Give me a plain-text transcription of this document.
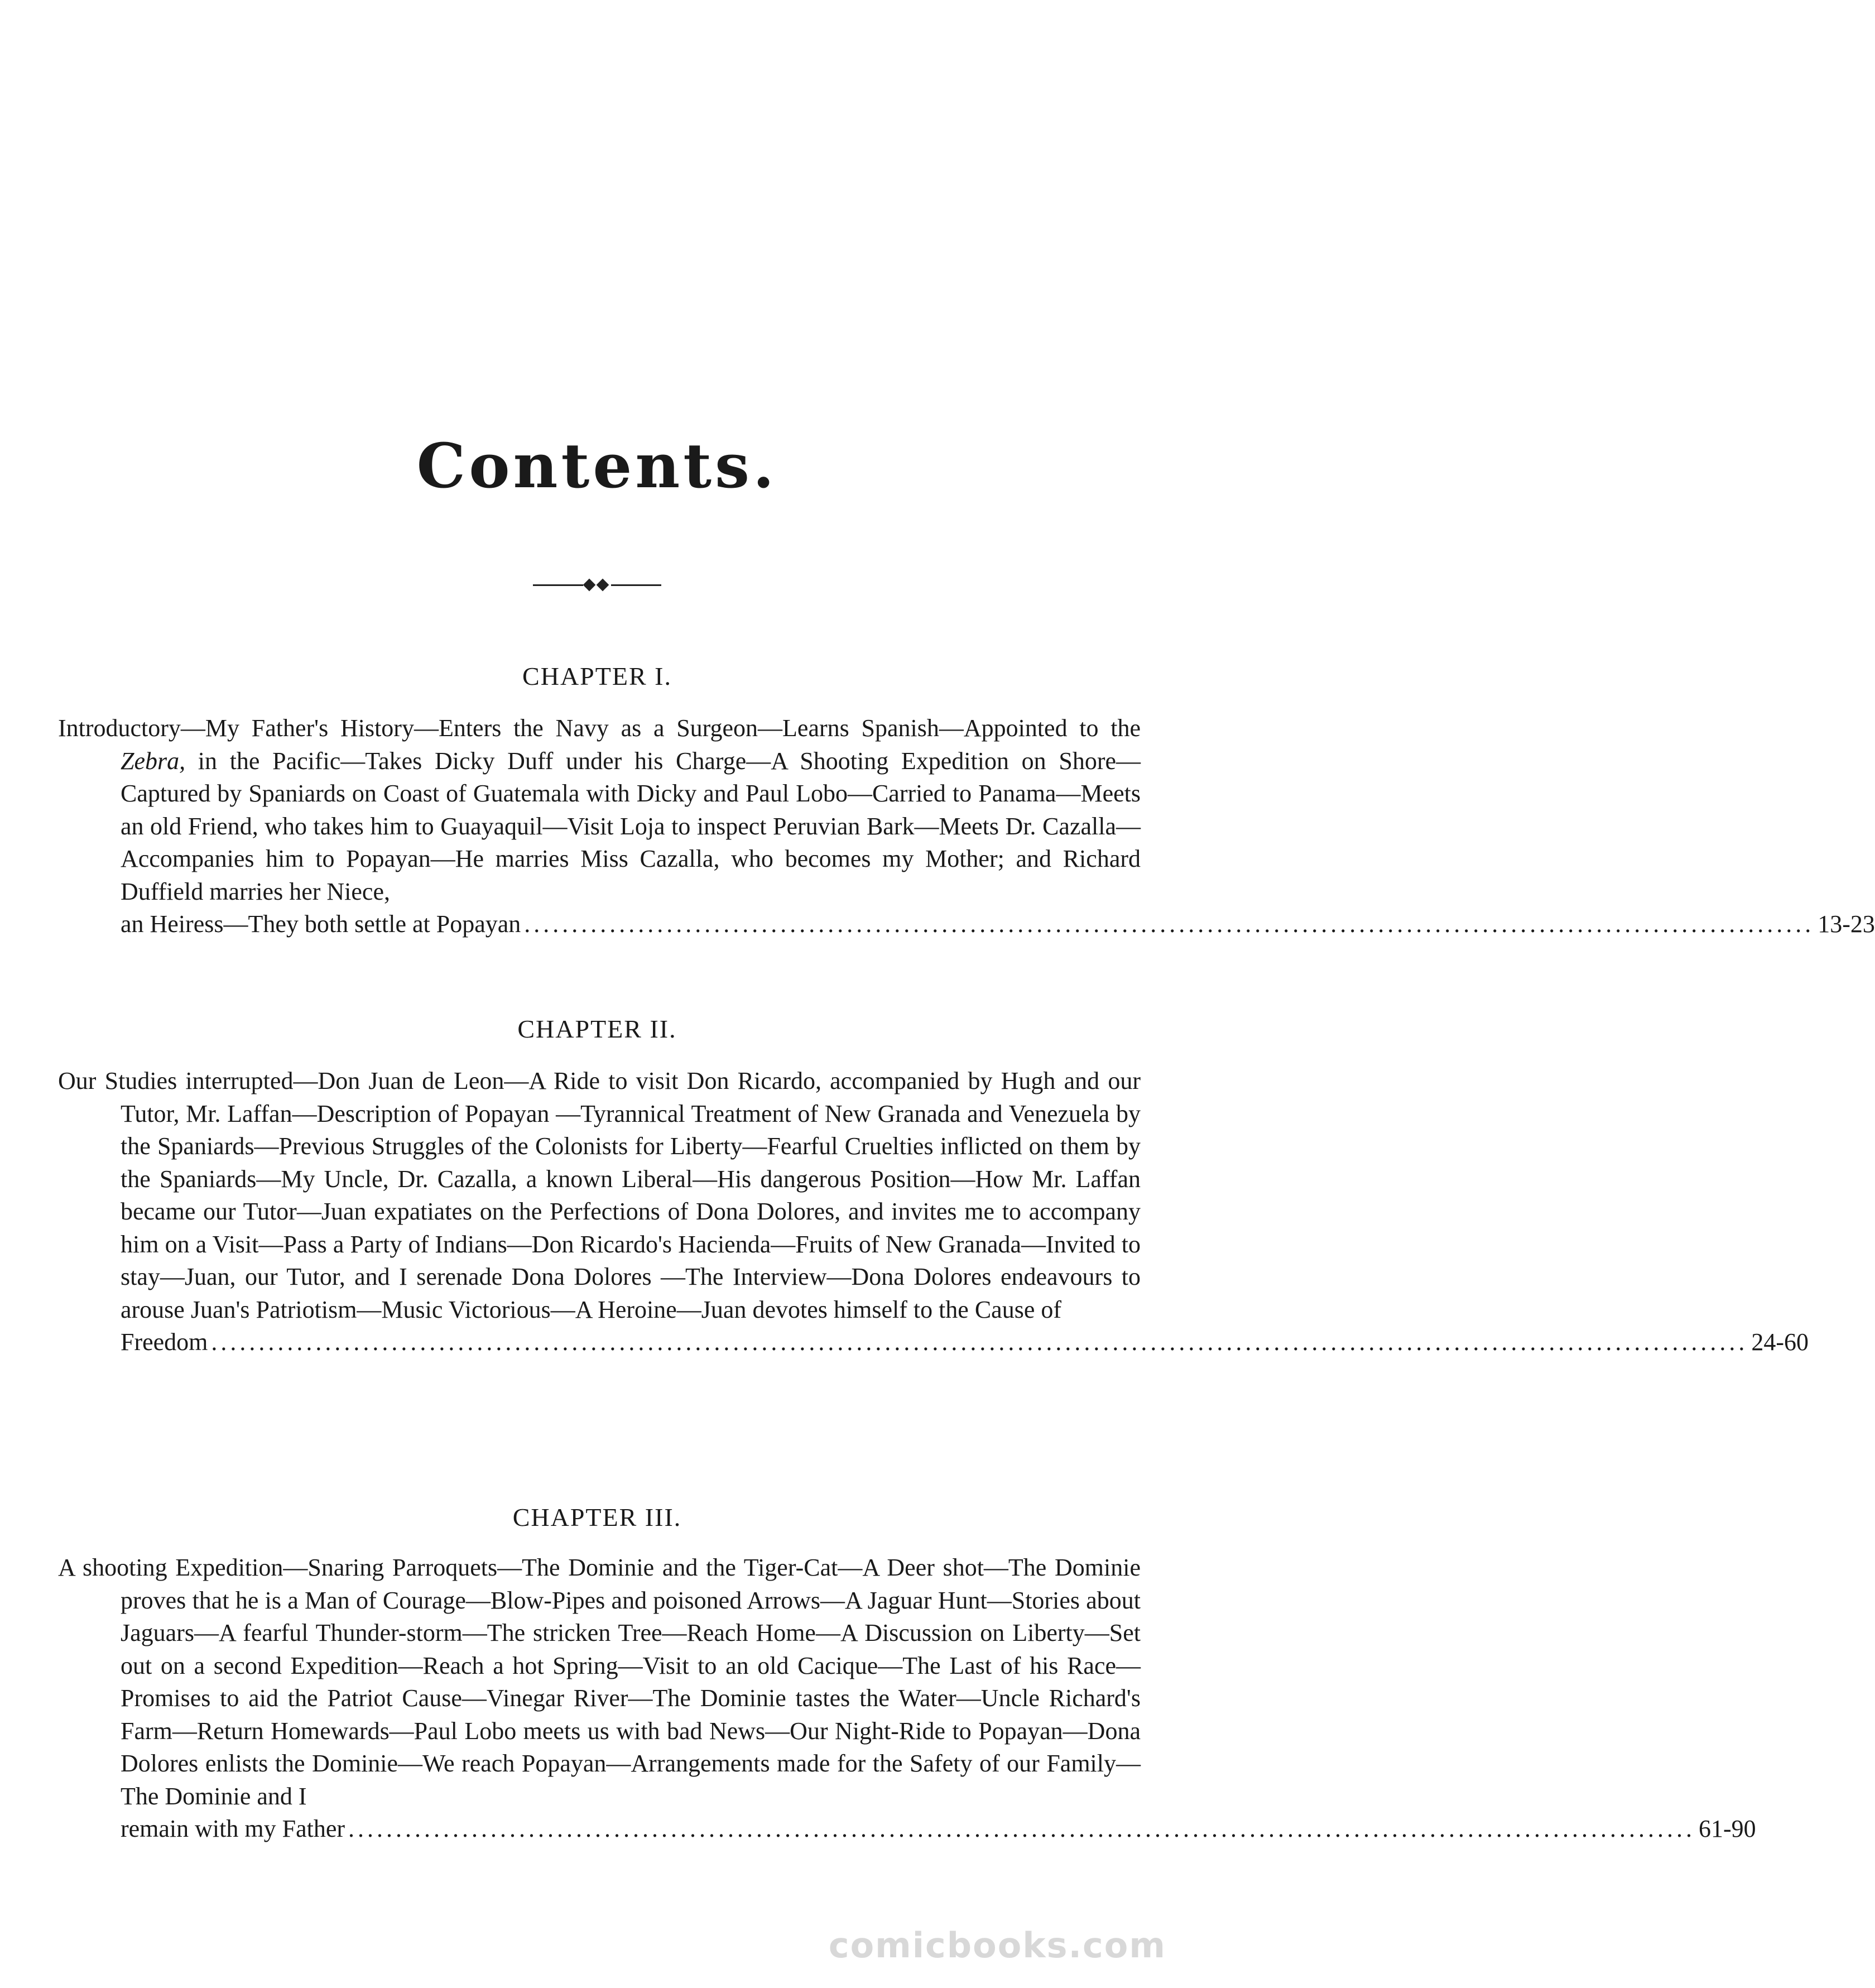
Contents.
CHAPTER I.
Introductory—My Father's History—Enters the Navy as a Surgeon—Learns Spanish—Appointed to the Zebra, in the Pacific—Takes Dicky Duff under his Charge—A Shooting Expedition on Shore—Captured by Spaniards on Coast of Guatemala with Dicky and Paul Lobo—Carried to Panama—Meets an old Friend, who takes him to Guayaquil—Visit Loja to inspect Peruvian Bark—Meets Dr. Cazalla—Accompanies him to Popayan—He marries Miss Cazalla, who becomes my Mother; and Richard Duffield marries her Niece,
an Heiress—They both settle at Popayan ........................................................................................................................................ 13-23
CHAPTER II.
Our Studies interrupted—Don Juan de Leon—A Ride to visit Don Ricardo, accompanied by Hugh and our Tutor, Mr. Laffan—Description of Popayan —Tyrannical Treatment of New Granada and Venezuela by the Spaniards—Previous Struggles of the Colonists for Liberty—Fearful Cruelties inflicted on them by the Spaniards—My Uncle, Dr. Cazalla, a known Liberal—His dangerous Position—How Mr. Laffan became our Tutor—Juan expatiates on the Perfections of Dona Dolores, and invites me to accompany him on a Visit—Pass a Party of Indians—Don Ricardo's Hacienda—Fruits of New Granada—Invited to stay—Juan, our Tutor, and I serenade Dona Dolores —The Interview—Dona Dolores endeavours to arouse Juan's Patriotism—Music Victorious—A Heroine—Juan devotes himself to the Cause of
Freedom .................................................................................................................................................................. 24-60
CHAPTER III.
A shooting Expedition—Snaring Parroquets—The Dominie and the Tiger-Cat—A Deer shot—The Dominie proves that he is a Man of Courage—Blow-Pipes and poisoned Arrows—A Jaguar Hunt—Stories about Jaguars—A fearful Thunder-storm—The stricken Tree—Reach Home—A Discussion on Liberty—Set out on a second Expedition—Reach a hot Spring—Visit to an old Cacique—The Last of his Race—Promises to aid the Patriot Cause—Vinegar River—The Dominie tastes the Water—Uncle Richard's Farm—Return Homewards—Paul Lobo meets us with bad News—Our Night-Ride to Popayan—Dona Dolores enlists the Dominie—We reach Popayan—Arrangements made for the Safety of our Family—The Dominie and I
remain with my Father .............................................................................................................................................. 61-90
comicbooks.com
